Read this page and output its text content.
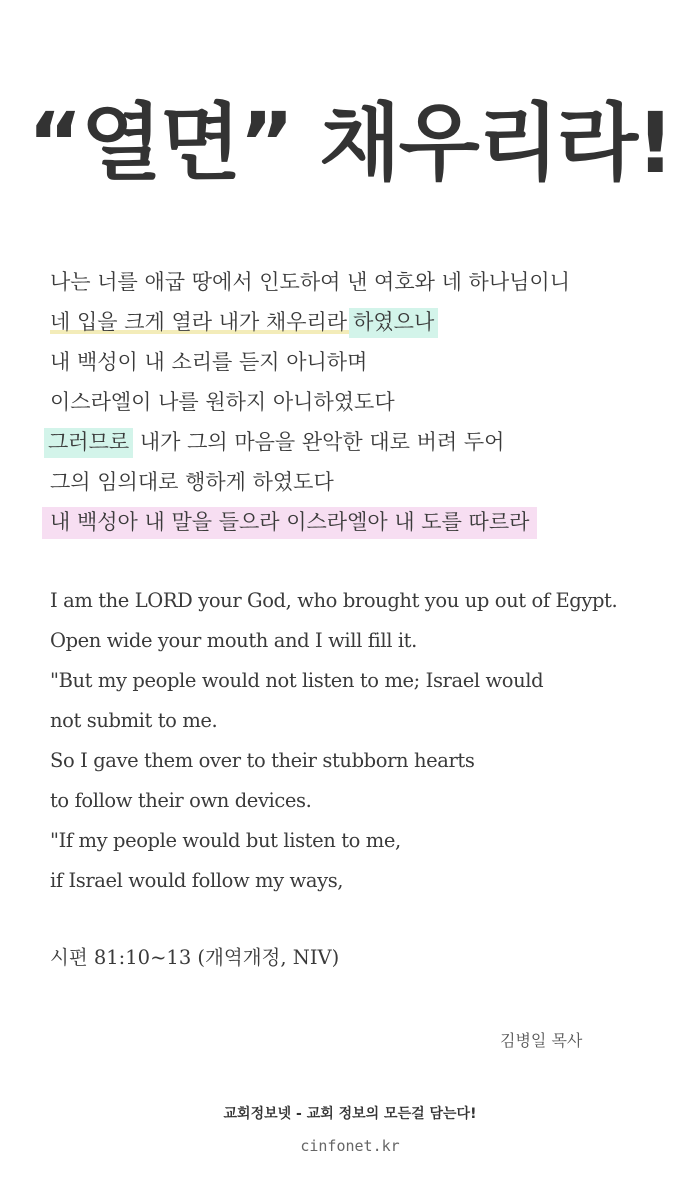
“열면” 채우리라!
나는 너를 애굽 땅에서 인도하여 낸 여호와 네 하나님이니
네 입을 크게 열라 내가 채우리라 하였으나
내 백성이 내 소리를 듣지 아니하며
이스라엘이 나를 원하지 아니하였도다
그러므로 내가 그의 마음을 완악한 대로 버려 두어
그의 임의대로 행하게 하였도다
내 백성아 내 말을 들으라 이스라엘아 내 도를 따르라
I am the LORD your God, who brought you up out of Egypt.
Open wide your mouth and I will fill it.
"But my people would not listen to me; Israel would
not submit to me.
So I gave them over to their stubborn hearts
to follow their own devices.
"If my people would but listen to me,
if Israel would follow my ways,
시편 81:10~13 (개역개정, NIV)
김병일 목사
교회정보넷 - 교회 정보의 모든걸 담는다!
cinfonet.kr
